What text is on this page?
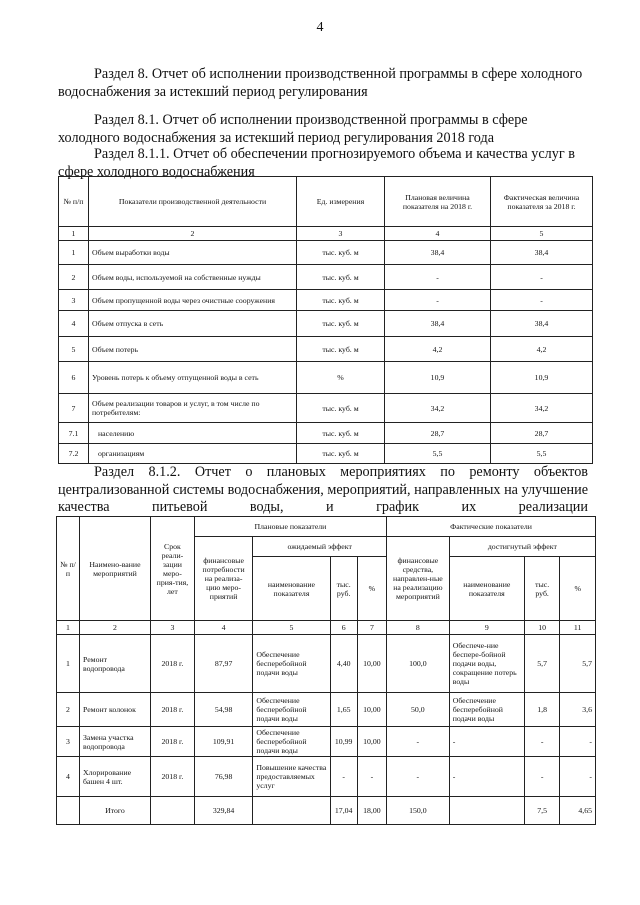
4
Раздел 8. Отчет об исполнении производственной программы в сфере холодного водоснабжения за истекший период регулирования
Раздел 8.1. Отчет об исполнении производственной программы в сфере холодного водоснабжения за истекший период регулирования 2018 года
Раздел 8.1.1. Отчет об обеспечении прогнозируемого объема и качества услуг в сфере холодного водоснабжения
№ п/п	Показатели производственной деятельности	Ед. измерения	Плановая величина показателя на 2018 г.	Фактическая величина показателя за 2018 г.
1	2	3	4	5
1	Объем выработки воды	тыс. куб. м	38,4	38,4
2	Объем воды, используемой на собственные нужды	тыс. куб. м	-	-
3	Объем пропущенной воды через очистные сооружения	тыс. куб. м	-	-
4	Объем отпуска в сеть	тыс. куб. м	38,4	38,4
5	Объем потерь	тыс. куб. м	4,2	4,2
6	Уровень потерь к объему отпущенной воды в сеть	%	10,9	10,9
7	Объем реализации товаров и услуг, в том числе по потребителям:	тыс. куб. м	34,2	34,2
7.1	населению	тыс. куб. м	28,7	28,7
7.2	организациям	тыс. куб. м	5,5	5,5
Раздел 8.1.2. Отчет о плановых мероприятиях по ремонту объектов централизованной системы водоснабжения, мероприятий, направленных на улучшение качества питьевой воды, и график их реализации
№ п/п	Наимено-вание мероприятий	Срок реали-зации меро-прия-тия, лет	Плановые показатели				Фактические показатели			
			финансовые потребности на реализа-цию меро-приятий	ожидаемый эффект			финансовые средства, направлен-ные на реализацию мероприятий	достигнутый эффект		
				наименование показателя	тыс. руб.	%		наименование показателя	тыс. руб.	%
1	2	3	4	5	6	7	8	9	10	11
1	Ремонт водопровода	2018 г.	87,97	Обеспечение бесперебойной подачи воды	4,40	10,00	100,0	Обеспече-ние беспере-бойной подачи воды, сокращение потерь воды	5,7	5,7
2	Ремонт колонок	2018 г.	54,98	Обеспечение бесперебойной подачи воды	1,65	10,00	50,0	Обеспечение бесперебойной подачи воды	1,8	3,6
3	Замена участка водопровода	2018 г.	109,91	Обеспечение бесперебойной подачи воды	10,99	10,00	-	-	-	-
4	Хлорирование башен 4 шт.	2018 г.	76,98	Повышение качества предоставляемых услуг	-	-	-	-	-	-
	Итого		329,84		17,04	18,00	150,0		7,5	4,65
